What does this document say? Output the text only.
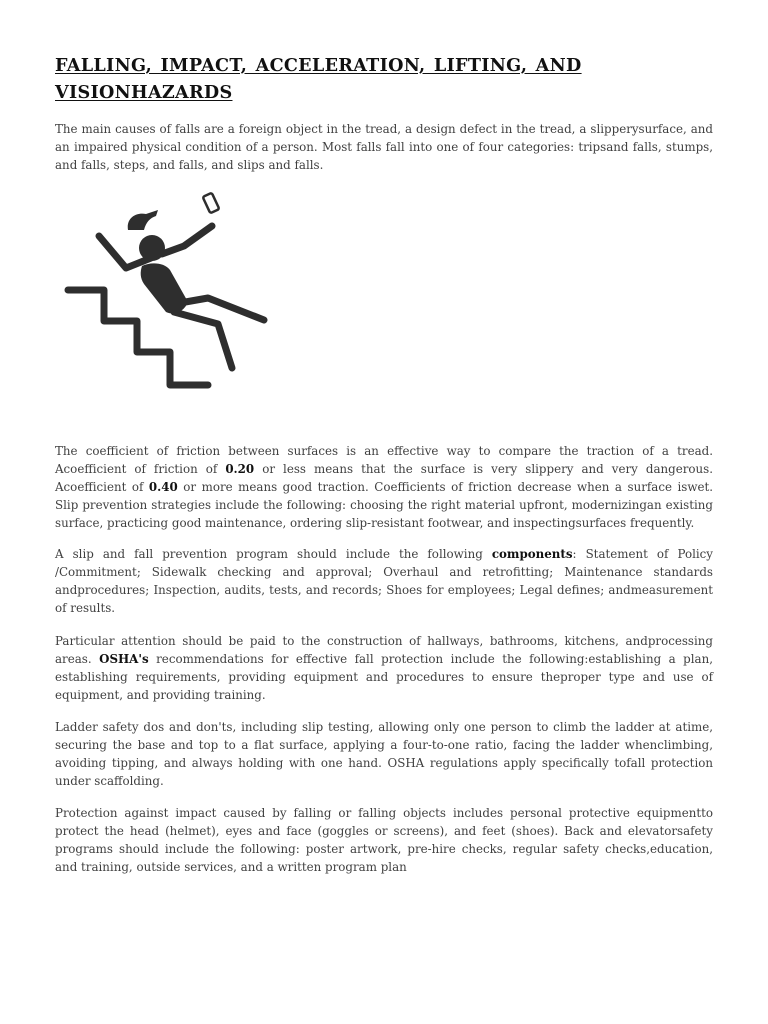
FALLING, IMPACT, ACCELERATION, LIFTING, AND VISIONHAZARDS

The main causes of falls are a foreign object in the tread, a design defect in the tread, a slipperysurface, and an impaired physical condition of a person. Most falls fall into one of four categories: tripsand falls, stumps, and falls, steps, and falls, and slips and falls.

The coefficient of friction between surfaces is an effective way to compare the traction of a tread. Acoefficient of friction of 0.20 or less means that the surface is very slippery and very dangerous. Acoefficient of 0.40 or more means good traction. Coefficients of friction decrease when a surface iswet. Slip prevention strategies include the following: choosing the right material upfront, modernizingan existing surface, practicing good maintenance, ordering slip-resistant footwear, and inspectingsurfaces frequently.

A slip and fall prevention program should include the following components: Statement of Policy /Commitment; Sidewalk checking and approval; Overhaul and retrofitting; Maintenance standards andprocedures; Inspection, audits, tests, and records; Shoes for employees; Legal defines; andmeasurement of results.

Particular attention should be paid to the construction of hallways, bathrooms, kitchens, andprocessing areas. OSHA's recommendations for effective fall protection include the following:establishing a plan, establishing requirements, providing equipment and procedures to ensure theproper type and use of equipment, and providing training.

Ladder safety dos and don'ts, including slip testing, allowing only one person to climb the ladder at atime, securing the base and top to a flat surface, applying a four-to-one ratio, facing the ladder whenclimbing, avoiding tipping, and always holding with one hand. OSHA regulations apply specifically tofall protection under scaffolding.

Protection against impact caused by falling or falling objects includes personal protective equipmentto protect the head (helmet), eyes and face (goggles or screens), and feet (shoes). Back and elevatorsafety programs should include the following: poster artwork, pre-hire checks, regular safety checks,education, and training, outside services, and a written program plan
